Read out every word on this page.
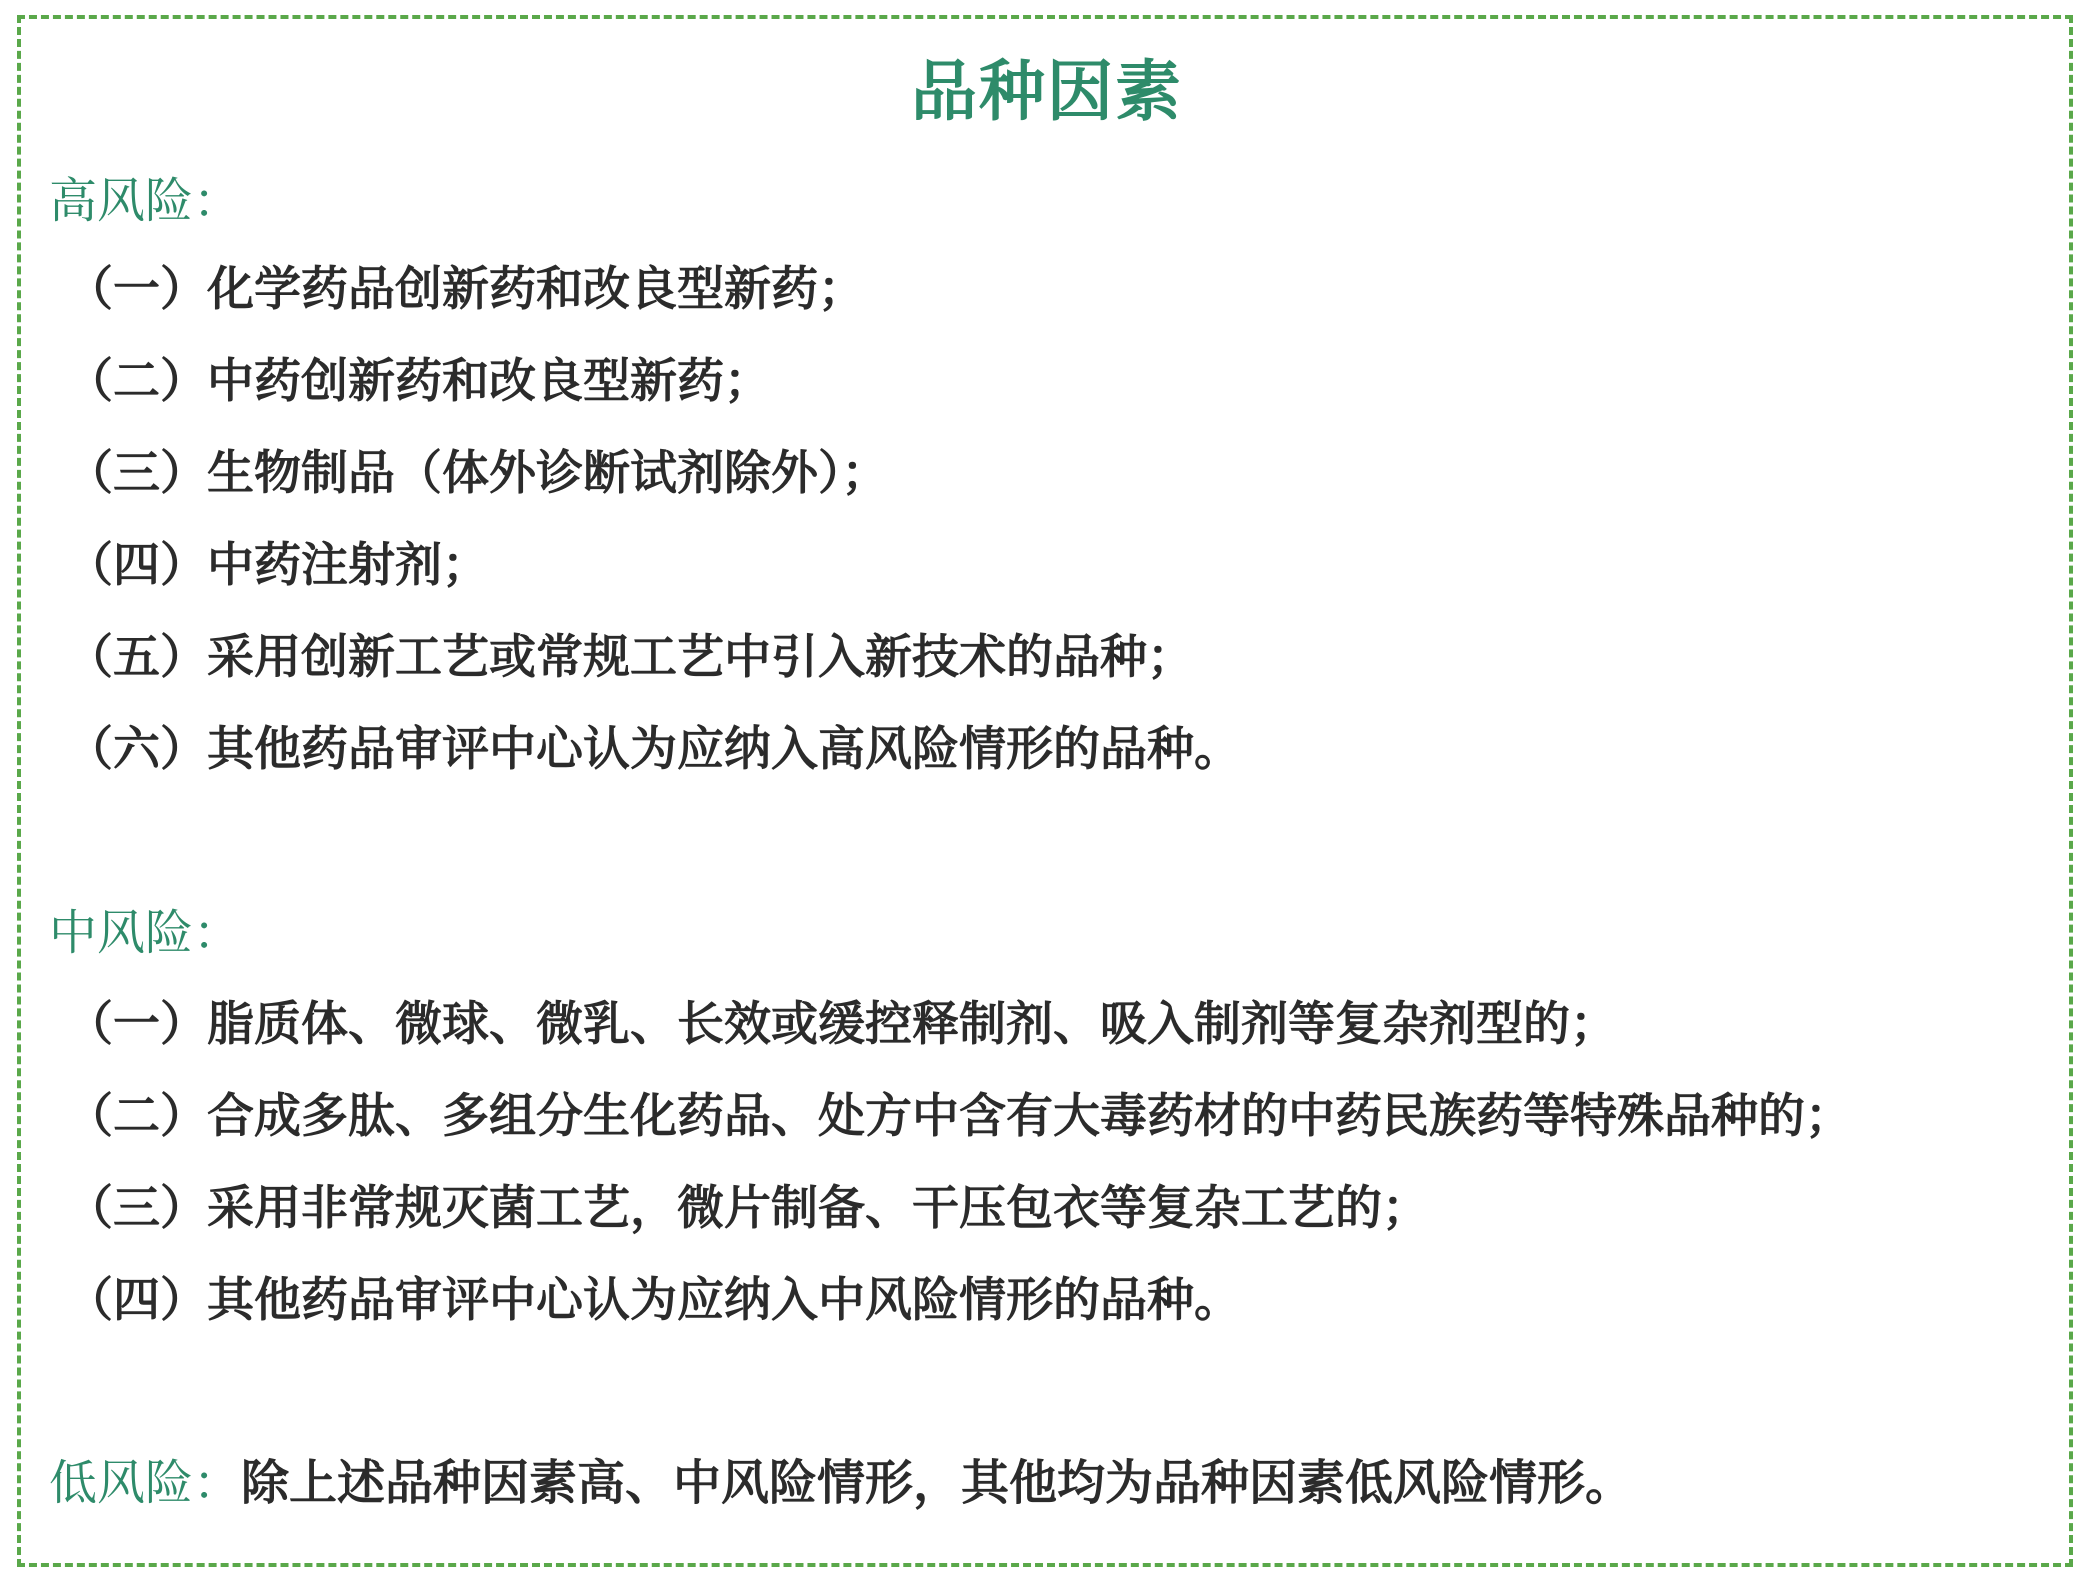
品种因素
高风险：
（一）化学药品创新药和改良型新药；
（二）中药创新药和改良型新药；
（三）生物制品（体外诊断试剂除外）；
（四）中药注射剂；
（五）采用创新工艺或常规工艺中引入新技术的品种；
（六）其他药品审评中心认为应纳入高风险情形的品种。
中风险：
（一）脂质体、微球、微乳、长效或缓控释制剂、吸入制剂等复杂剂型的；
（二）合成多肽、多组分生化药品、处方中含有大毒药材的中药民族药等特殊品种的；
（三）采用非常规灭菌工艺，微片制备、干压包衣等复杂工艺的；
（四）其他药品审评中心认为应纳入中风险情形的品种。
低风险：除上述品种因素高、中风险情形，其他均为品种因素低风险情形。
